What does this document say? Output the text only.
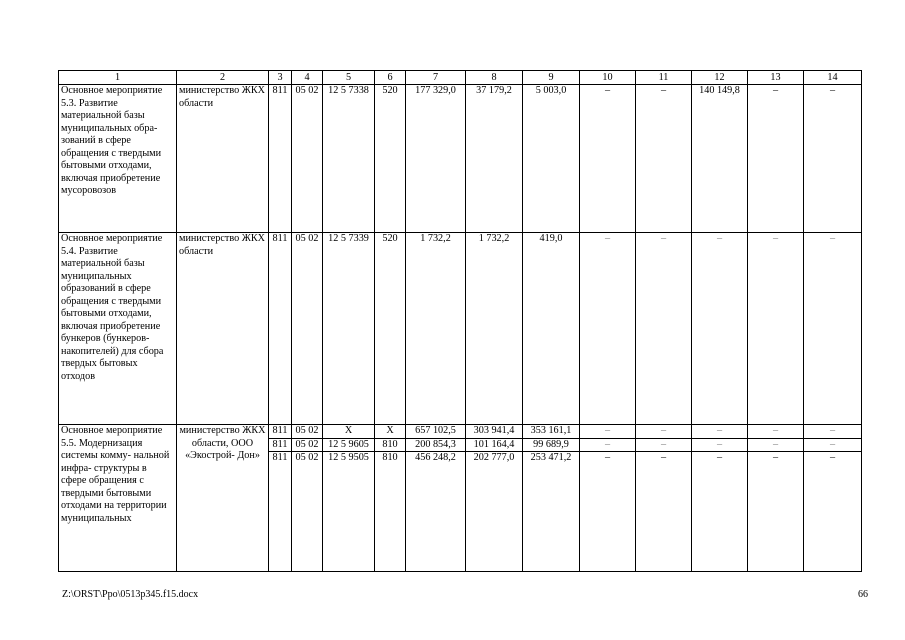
1	2	3	4	5	6	7	8	9	10	11	12	13	14
Основное мероприятие 5.3. Развитие материальной базы муниципальных обра- зований в сфере обращения с твердыми бытовыми отходами, включая приобретение мусоровозов	министерство ЖКХ области	811	05 02	12 5 7338	520	177 329,0	37 179,2	5 003,0	–	–	140 149,8	–	–
Основное мероприятие 5.4. Развитие материальной базы муниципальных образований в сфере обращения с твердыми бытовыми отходами, включая приобретение бункеров (бункеров- накопителей) для сбора твердых бытовых отходов	министерство ЖКХ области	811	05 02	12 5 7339	520	1 732,2	1 732,2	419,0	–	–	–	–	–
Основное мероприятие 5.5. Модернизация системы комму- нальной инфра- структуры в сфере обращения с твердыми бытовыми отходами на территории муниципальных	министерство ЖКХ области, ООО «Экострой- Дон»	811	05 02	X	X	657 102,5	303 941,4	353 161,1	–	–	–	–	–
		811	05 02	12 5 9605	810	200 854,3	101 164,4	99 689,9	–	–	–	–	–
		811	05 02	12 5 9505	810	456 248,2	202 777,0	253 471,2	–	–	–	–	–
Z:\ORST\Ppo\0513p345.f15.docx	66
